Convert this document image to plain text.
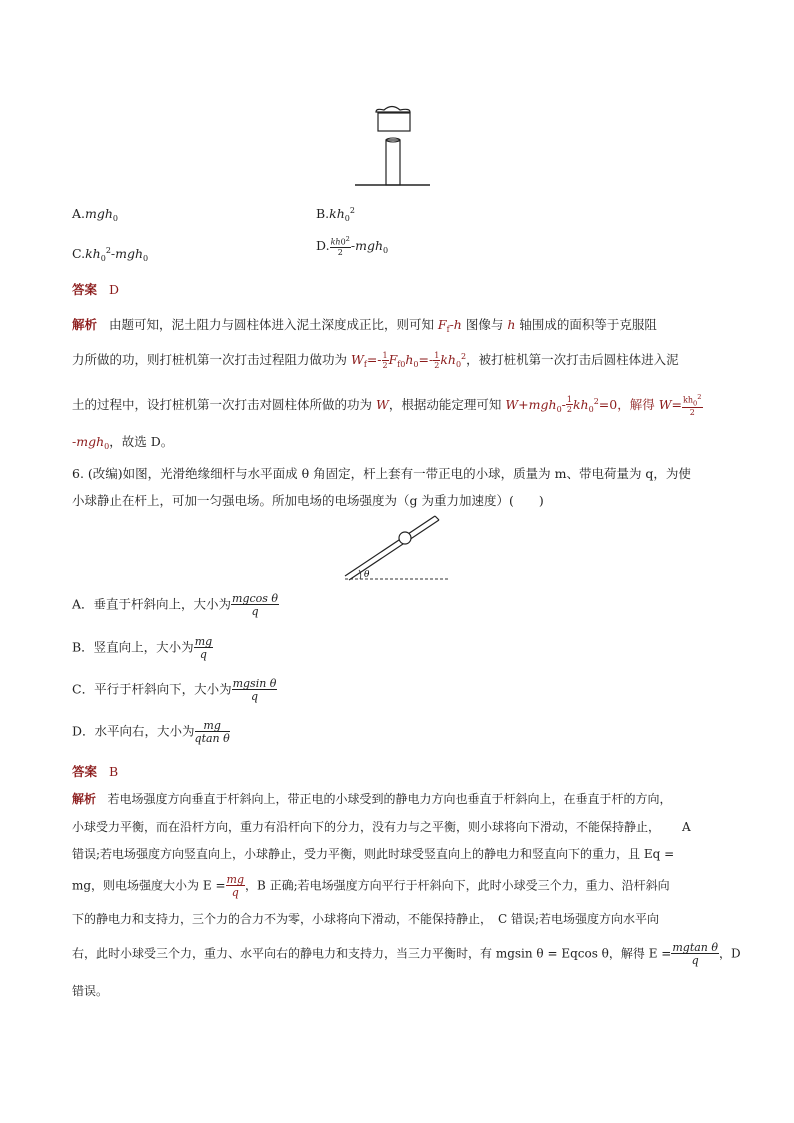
A.mgh$_0$	$B.kh_0^2$
$C.kh_0^2-mgh_0$
D. $\frac{kh0^2}{2} -mgh_0$
答案 D
解析 由题可知，泥土阻力与圆柱体进入泥土深度成正比，则可知 $F_f-h$ 图像与 h 轴围成的面积等于克服阻
力所做的功，则打桩机第一次打击过程阻力做功为 $W_f=- \frac{1}{2} F_{f0}h_0=- \frac{1}{2} kh_0^2$，被打桩机第一次打击后圆柱体进入泥
土的过程中，设打桩机第一次打击对圆柱体所做的功为 W，根据动能定理可知 $W+mgh_0- \frac{1}{2} kh_0^2=0$，解得 $W= \frac{kh_0^2}{2}$
-mgh$_0$，故选 D。
6. (改编)如图，光滑绝缘细杆与水平面成 θ 角固定，杆上套有一带正电的小球，质量为 m、带电荷量为 q，为使
小球静止在杆上，可加一匀强电场。所加电场的电场强度为（g 为重力加速度）(　　)
θ
A．垂直于杆斜向上，大小为 $\frac{\text{mgcos θ}}{q}$
B．竖直向上，大小为 $\frac{mg}{q}$
C．平行于杆斜向下，大小为 $\frac{\text{mgsin θ}}{q}$
D．水平向右，大小为 $\frac{mg}{\text{qtan θ}}$
答案 B
解析 若电场强度方向垂直于杆斜向上，带正电的小球受到的静电力方向也垂直于杆斜向上，在垂直于杆的方向，
小球受力平衡，而在沿杆方向，重力有沿杆向下的分力，没有力与之平衡，则小球将向下滑动，不能保持静止， A
错误;若电场强度方向竖直向上，小球静止，受力平衡，则此时球受竖直向上的静电力和竖直向下的重力，且 Eq =
mg，则电场强度大小为 $E = \frac{mg}{q}$ ，B 正确;若电场强度方向平行于杆斜向下，此时小球受三个力，重力、沿杆斜向
下的静电力和支持力，三个力的合力不为零，小球将向下滑动，不能保持静止，　C 错误;若电场强度方向水平向
右，此时小球受三个力，重力、水平向右的静电力和支持力，当三力平衡时，有 mgsin θ = Eqcos θ，解得 $E = \frac{\text{mgtan θ}}{q}$ ，D
错误。
